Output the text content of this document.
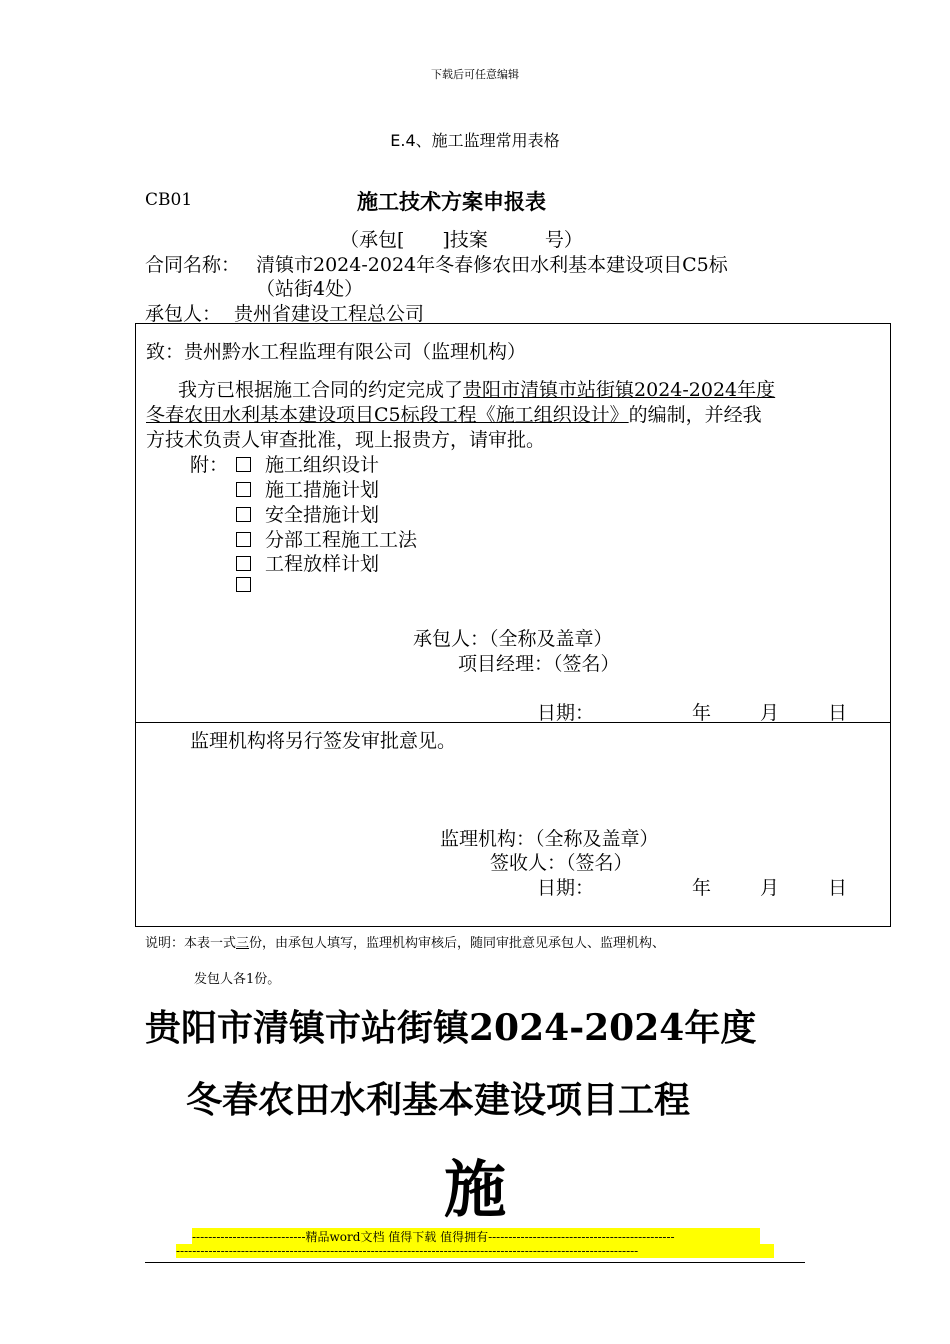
下载后可任意编辑
E.4、施工监理常用表格
CB01	施工技术方案申报表
（承包[　　]技案　　　号）
合同名称： 清镇市2024-2024年冬春修农田水利基本建设项目C5标
（站街4处）
承包人： 贵州省建设工程总公司
致：贵州黔水工程监理有限公司（监理机构）
我方已根据施工合同的约定完成了贵阳市清镇市站街镇2024-2024年度
冬春农田水利基本建设项目C5标段工程《施工组织设计》的编制，并经我
方技术负责人审查批准，现上报贵方，请审批。
附：	施工组织设计
施工措施计划
安全措施计划
分部工程施工工法
工程放样计划
承包人：（全称及盖章）
项目经理：（签名）
日期：	年	月	日
监理机构将另行签发审批意见。
监理机构：（全称及盖章）
签收人：（签名）
日期：	年	月	日
说明：本表一式三份，由承包人填写，监理机构审核后，随同审批意见承包人、监理机构、
发包人各1份。
贵阳市清镇市站街镇2024-2024年度
冬春农田水利基本建设项目工程
施
----------------------------精品word文档 值得下载 值得拥有----------------------------------------------
------------------------------------------------------------------------------------------------------------------
